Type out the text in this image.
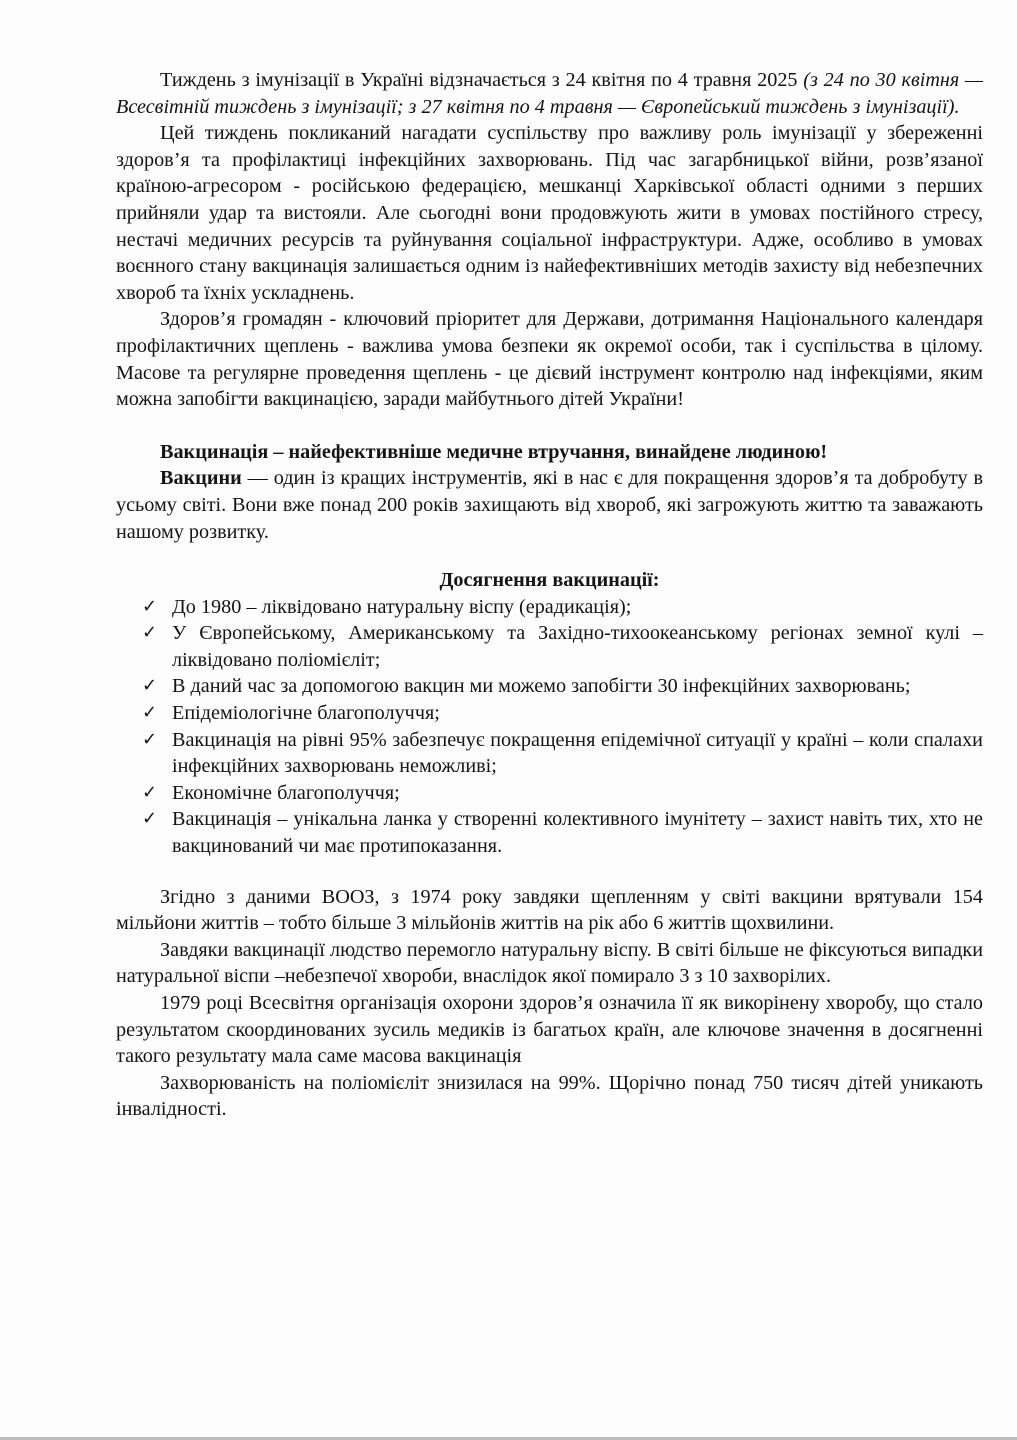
Тиждень з імунізації в Україні відзначається з 24 квітня по 4 травня 2025 (з 24 по 30 квітня — Всесвітній тиждень з імунізації; з 27 квітня по 4 травня — Європейський тиждень з імунізації).

Цей тиждень покликаний нагадати суспільству про важливу роль імунізації у збереженні здоров’я та профілактиці інфекційних захворювань. Під час загарбницької війни, розв’язаної країною-агресором - російською федерацією, мешканці Харківської області одними з перших прийняли удар та вистояли. Але сьогодні вони продовжують жити в умовах постійного стресу, нестачі медичних ресурсів та руйнування соціальної інфраструктури. Адже, особливо в умовах воєнного стану вакцинація залишається одним із найефективніших методів захисту від небезпечних хвороб та їхніх ускладнень.

Здоров’я громадян - ключовий пріоритет для Держави, дотримання Національного календаря профілактичних щеплень - важлива умова безпеки як окремої особи, так і суспільства в цілому. Масове та регулярне проведення щеплень - це дієвий інструмент контролю над інфекціями, яким можна запобігти вакцинацією, заради майбутнього дітей України!

Вакцинація – найефективніше медичне втручання, винайдене людиною!

Вакцини — один із кращих інструментів, які в нас є для покращення здоров’я та добробуту в усьому світі. Вони вже понад 200 років захищають від хвороб, які загрожують життю та заважають нашому розвитку.

Досягнення вакцинації:

✓ До 1980 – ліквідовано натуральну віспу (ерадикація);
✓ У Європейському, Американському та Західно-тихоокеанському регіонах земної кулі – ліквідовано поліомієліт;
✓ В даний час за допомогою вакцин ми можемо запобігти 30 інфекційних захворювань;
✓ Епідеміологічне благополуччя;
✓ Вакцинація на рівні 95% забезпечує покращення епідемічної ситуації у країні – коли спалахи інфекційних захворювань неможливі;
✓ Економічне благополуччя;
✓ Вакцинація – унікальна ланка у створенні колективного імунітету – захист навіть тих, хто не вакцинований чи має протипоказання.

Згідно з даними ВООЗ, з 1974 року завдяки щепленням у світі вакцини врятували 154 мільйони життів – тобто більше 3 мільйонів життів на рік або 6 життів щохвилини.

Завдяки вакцинації людство перемогло натуральну віспу. В світі більше не фіксуються випадки натуральної віспи –небезпечої хвороби, внаслідок якої помирало 3 з 10 захворілих.

1979 році Всесвітня організація охорони здоров’я означила її як викорінену хворобу, що стало результатом скоординованих зусиль медиків із багатьох країн, але ключове значення в досягненні такого результату мала саме масова вакцинація

Захворюваність на поліомієліт знизилася на 99%. Щорічно понад 750 тисяч дітей уникають інвалідності.
